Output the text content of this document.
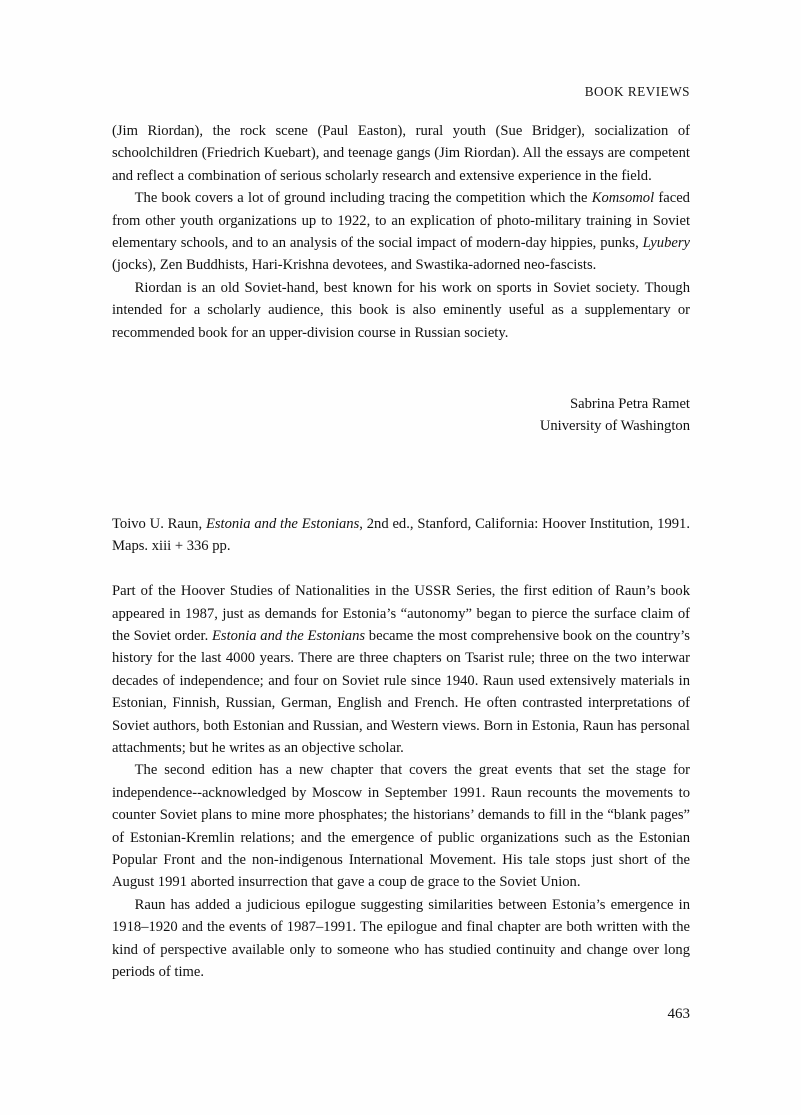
BOOK REVIEWS

(Jim Riordan), the rock scene (Paul Easton), rural youth (Sue Bridger), socialization of schoolchildren (Friedrich Kuebart), and teenage gangs (Jim Riordan). All the essays are competent and reflect a combination of serious scholarly research and extensive experience in the field.

The book covers a lot of ground including tracing the competition which the Komsomol faced from other youth organizations up to 1922, to an explication of photo-military training in Soviet elementary schools, and to an analysis of the social impact of modern-day hippies, punks, Lyubery (jocks), Zen Buddhists, Hari-Krishna devotees, and Swastika-adorned neo-fascists.

Riordan is an old Soviet-hand, best known for his work on sports in Soviet society. Though intended for a scholarly audience, this book is also eminently useful as a supplementary or recommended book for an upper-division course in Russian society.

Sabrina Petra Ramet
University of Washington

Toivo U. Raun, Estonia and the Estonians, 2nd ed., Stanford, California: Hoover Institution, 1991. Maps. xiii + 336 pp.

Part of the Hoover Studies of Nationalities in the USSR Series, the first edition of Raun’s book appeared in 1987, just as demands for Estonia’s “autonomy” began to pierce the surface claim of the Soviet order. Estonia and the Estonians became the most comprehensive book on the country’s history for the last 4000 years. There are three chapters on Tsarist rule; three on the two interwar decades of independence; and four on Soviet rule since 1940. Raun used extensively materials in Estonian, Finnish, Russian, German, English and French. He often contrasted interpretations of Soviet authors, both Estonian and Russian, and Western views. Born in Estonia, Raun has personal attachments; but he writes as an objective scholar.

The second edition has a new chapter that covers the great events that set the stage for independence--acknowledged by Moscow in September 1991. Raun recounts the movements to counter Soviet plans to mine more phosphates; the historians’ demands to fill in the “blank pages” of Estonian-Kremlin relations; and the emergence of public organizations such as the Estonian Popular Front and the non-indigenous International Movement. His tale stops just short of the August 1991 aborted insurrection that gave a coup de grace to the Soviet Union.

Raun has added a judicious epilogue suggesting similarities between Estonia’s emergence in 1918–1920 and the events of 1987–1991. The epilogue and final chapter are both written with the kind of perspective available only to someone who has studied continuity and change over long periods of time.

463
